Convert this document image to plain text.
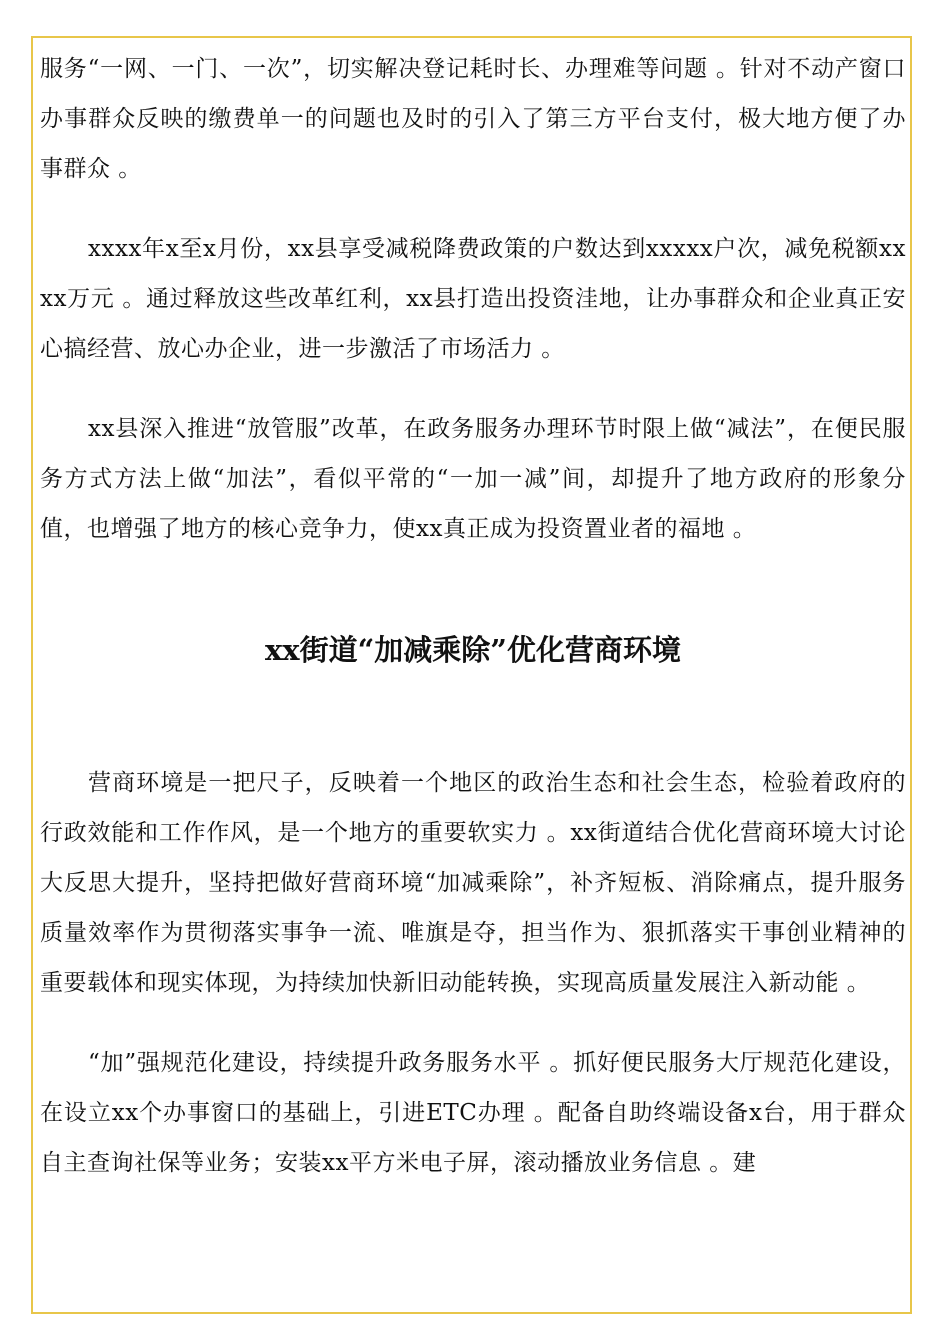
服务“一网、一门、一次”，切实解决登记耗时长、办理难等问题 。针对不动产窗口办事群众反映的缴费单一的问题也及时的引入了第三方平台支付，极大地方便了办事群众 。

xxxx年x至x月份，xx县享受减税降费政策的户数达到xxxxx户次，减免税额xxxx万元 。通过释放这些改革红利，xx县打造出投资洼地，让办事群众和企业真正安心搞经营、放心办企业，进一步激活了市场活力 。

xx县深入推进“放管服”改革，在政务服务办理环节时限上做“减法”，在便民服务方式方法上做“加法”，看似平常的“一加一减”间，却提升了地方政府的形象分值，也增强了地方的核心竞争力，使xx真正成为投资置业者的福地 。

xx街道“加减乘除”优化营商环境

营商环境是一把尺子，反映着一个地区的政治生态和社会生态，检验着政府的行政效能和工作作风，是一个地方的重要软实力 。xx街道结合优化营商环境大讨论大反思大提升，坚持把做好营商环境“加减乘除”，补齐短板、消除痛点，提升服务质量效率作为贯彻落实事争一流、唯旗是夺，担当作为、狠抓落实干事创业精神的重要载体和现实体现，为持续加快新旧动能转换，实现高质量发展注入新动能 。

“加”强规范化建设，持续提升政务服务水平 。抓好便民服务大厅规范化建设，在设立xx个办事窗口的基础上，引进ETC办理 。配备自助终端设备x台，用于群众自主查询社保等业务；安装xx平方米电子屏，滚动播放业务信息 。建
